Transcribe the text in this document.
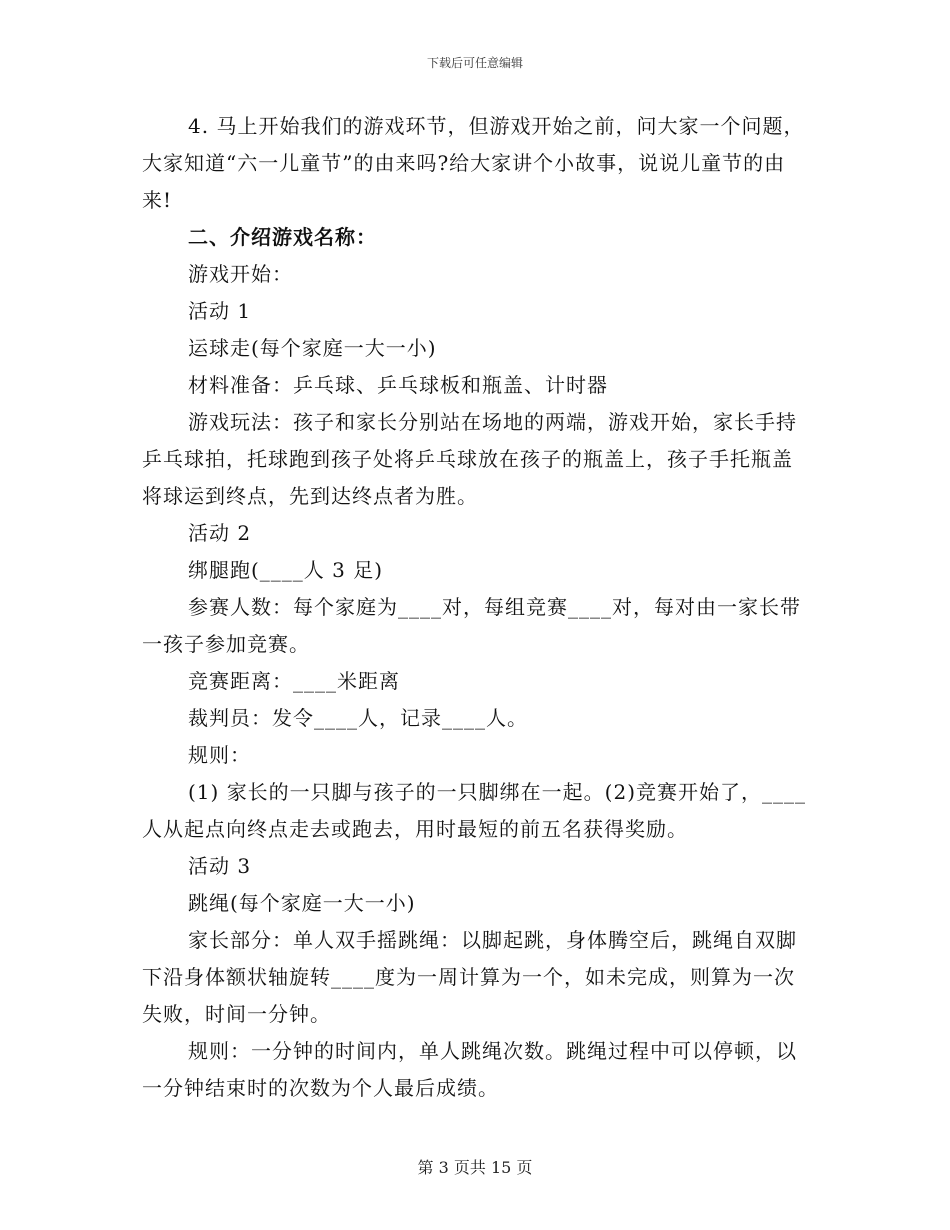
下载后可任意编辑

4. 马上开始我们的游戏环节，但游戏开始之前，问大家一个问题，大家知道“六一儿童节”的由来吗?给大家讲个小故事，说说儿童节的由来!

二、介绍游戏名称：

游戏开始：

活动 1

运球走(每个家庭一大一小)

材料准备：乒乓球、乒乓球板和瓶盖、计时器

游戏玩法：孩子和家长分别站在场地的两端，游戏开始，家长手持乒乓球拍，托球跑到孩子处将乒乓球放在孩子的瓶盖上，孩子手托瓶盖将球运到终点，先到达终点者为胜。

活动 2

绑腿跑(____人 3 足)

参赛人数：每个家庭为____对，每组竞赛____对，每对由一家长带一孩子参加竞赛。

竞赛距离：____米距离

裁判员：发令____人，记录____人。

规则：

(1) 家长的一只脚与孩子的一只脚绑在一起。(2)竞赛开始了，____人从起点向终点走去或跑去，用时最短的前五名获得奖励。

活动 3

跳绳(每个家庭一大一小)

家长部分：单人双手摇跳绳：以脚起跳，身体腾空后，跳绳自双脚下沿身体额状轴旋转____度为一周计算为一个，如未完成，则算为一次失败，时间一分钟。

规则：一分钟的时间内，单人跳绳次数。跳绳过程中可以停顿，以一分钟结束时的次数为个人最后成绩。

第 3 页共 15 页
